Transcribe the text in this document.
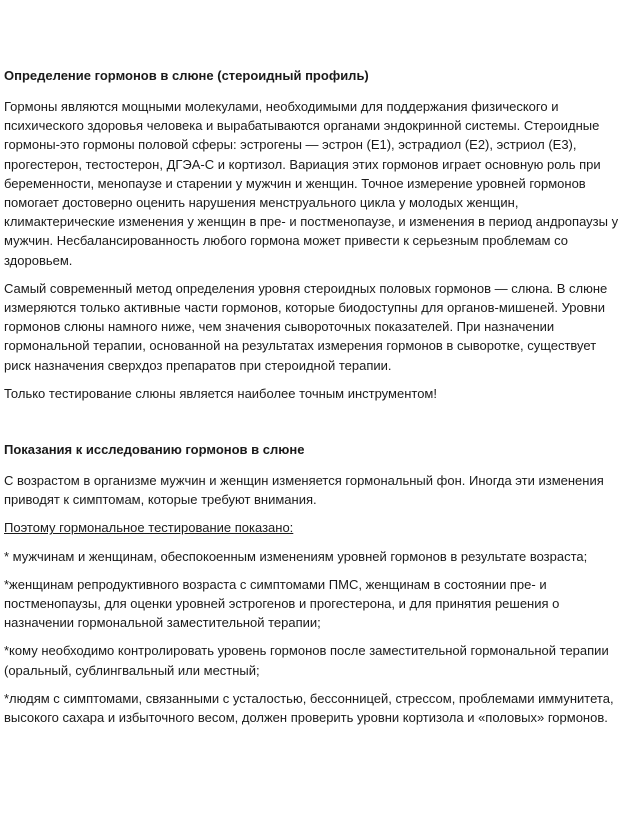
Определение гормонов в слюне (стероидный профиль)

Гормоны являются мощными молекулами, необходимыми для поддержания физического и психического здоровья человека и вырабатываются органами эндокринной системы. Стероидные гормоны-это гормоны половой сферы: эстрогены — эстрон (Е1), эстрадиол (Е2), эстриол (Е3), прогестерон, тестостерон, ДГЭА-С и кортизол. Вариация этих гормонов играет основную роль при беременности, менопаузе и старении у мужчин и женщин. Точное измерение уровней гормонов помогает достоверно оценить нарушения менструального цикла у молодых женщин, климактерические изменения у женщин в пре- и постменопаузе, и изменения в период андропаузы у мужчин. Несбалансированность любого гормона может привести к серьезным проблемам со здоровьем.

Самый современный метод определения уровня стероидных половых гормонов — слюна. В слюне измеряются только активные части гормонов, которые биодоступны для органов-мишеней. Уровни гормонов слюны намного ниже, чем значения сывороточных показателей. При назначении гормональной терапии, основанной на результатах измерения гормонов в сыворотке, существует риск назначения сверхдоз препаратов при стероидной терапии.

Только тестирование слюны является наиболее точным инструментом!

Показания к исследованию гормонов в слюне

С возрастом в организме мужчин и женщин изменяется гормональный фон. Иногда эти изменения приводят к симптомам, которые требуют внимания.

Поэтому гормональное тестирование показано:

* мужчинам и женщинам, обеспокоенным изменениям уровней гормонов в результате возраста;

*женщинам репродуктивного возраста с симптомами ПМС, женщинам в состоянии пре- и постменопаузы, для оценки уровней эстрогенов и прогестерона, и для принятия решения о назначении гормональной заместительной терапии;

*кому необходимо контролировать уровень гормонов после заместительной гормональной терапии (оральный, сублингвальный или местный;

*людям с симптомами, связанными с усталостью, бессонницей, стрессом, проблемами иммунитета, высокого сахара и избыточного весом, должен проверить уровни кортизола и «половых» гормонов.
